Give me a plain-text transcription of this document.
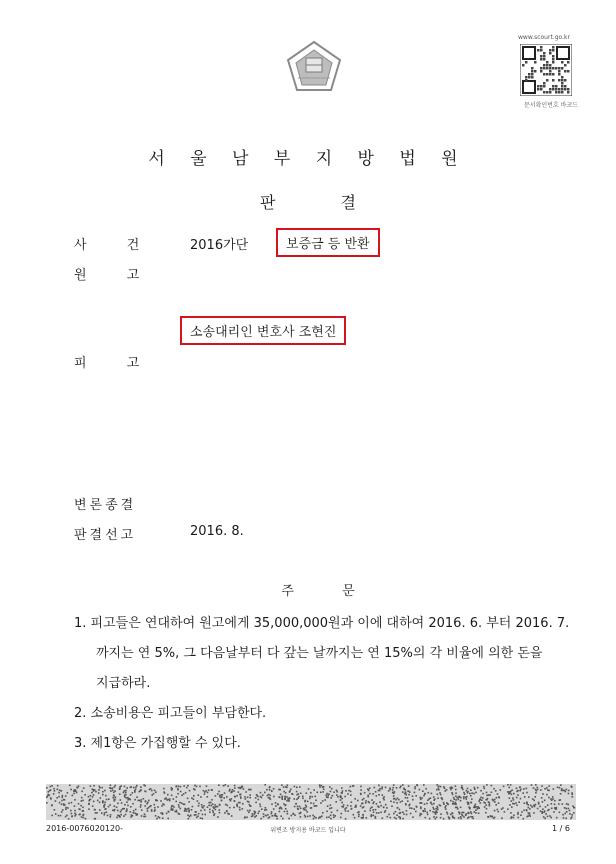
www.scourt.go.kr
문서확인번호 바코드
서 울 남 부 지 방 법 원
판 결
사 건	2016가단	보증금 등 반환
원 고
소송대리인 변호사 조현진
피 고
변론종결
판결선고	2016. 8.
주 문
1. 피고들은 연대하여 원고에게 35,000,000원과 이에 대하여 2016. 6. 부터 2016. 7.
까지는 연 5%, 그 다음날부터 다 갚는 날까지는 연 15%의 각 비율에 의한 돈을
지급하라.
2. 소송비용은 피고들이 부담한다.
3. 제1항은 가집행할 수 있다.
2016-0076020120-	위변조 방지용 바코드 입니다	1 / 6
